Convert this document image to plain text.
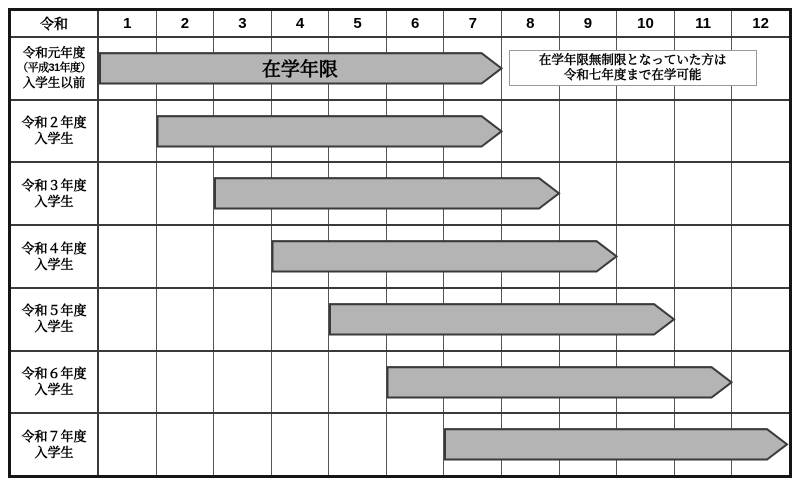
令和	1	2	3	4	5	6	7	8	9	10	11	12
令和元年度
（平成31年度）
入学生以前
在学年限	在学年限無制限となっていた方は
令和七年度まで在学可能
令和２年度
入学生
令和３年度
入学生
令和４年度
入学生
令和５年度
入学生
令和６年度
入学生
令和７年度
入学生
